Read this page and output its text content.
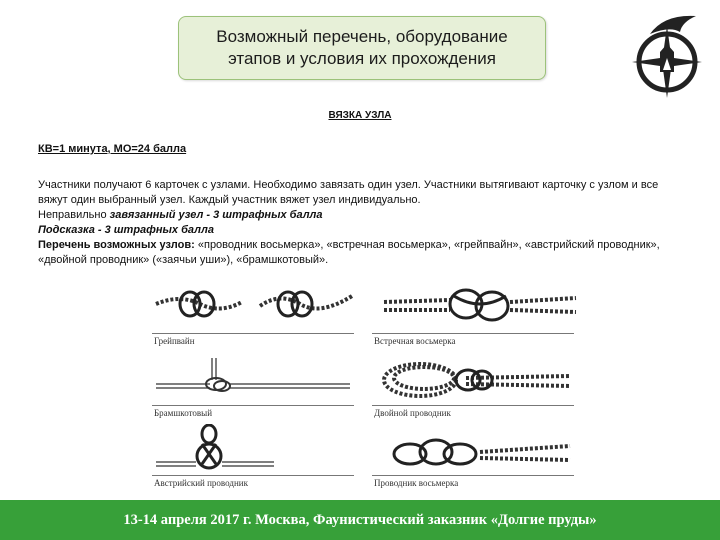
Возможный перечень, оборудование
этапов и условия их прохождения
ВЯЗКА УЗЛА
КВ=1 минута, МО=24 балла

Участники получают 6 карточек с узлами. Необходимо завязать один узел. Участники вытягивают карточку с узлом и все вяжут один выбранный узел. Каждый участник вяжет узел индивидуально.

Неправильно завязанный узел - 3 штрафных балла

Подсказка - 3 штрафных балла

Перечень возможных узлов: «проводник восьмерка», «встречная восьмерка», «грейпвайн», «австрийский проводник», «двойной проводник» («заячьи уши»), «брамшкотовый».

Грейпвайн	Встречная восьмерка
Брамшкотовый	Двойной проводник
Австрийский проводник	Проводник восьмерка
13-14 апреля 2017 г. Москва, Фаунистический заказник «Долгие пруды»
